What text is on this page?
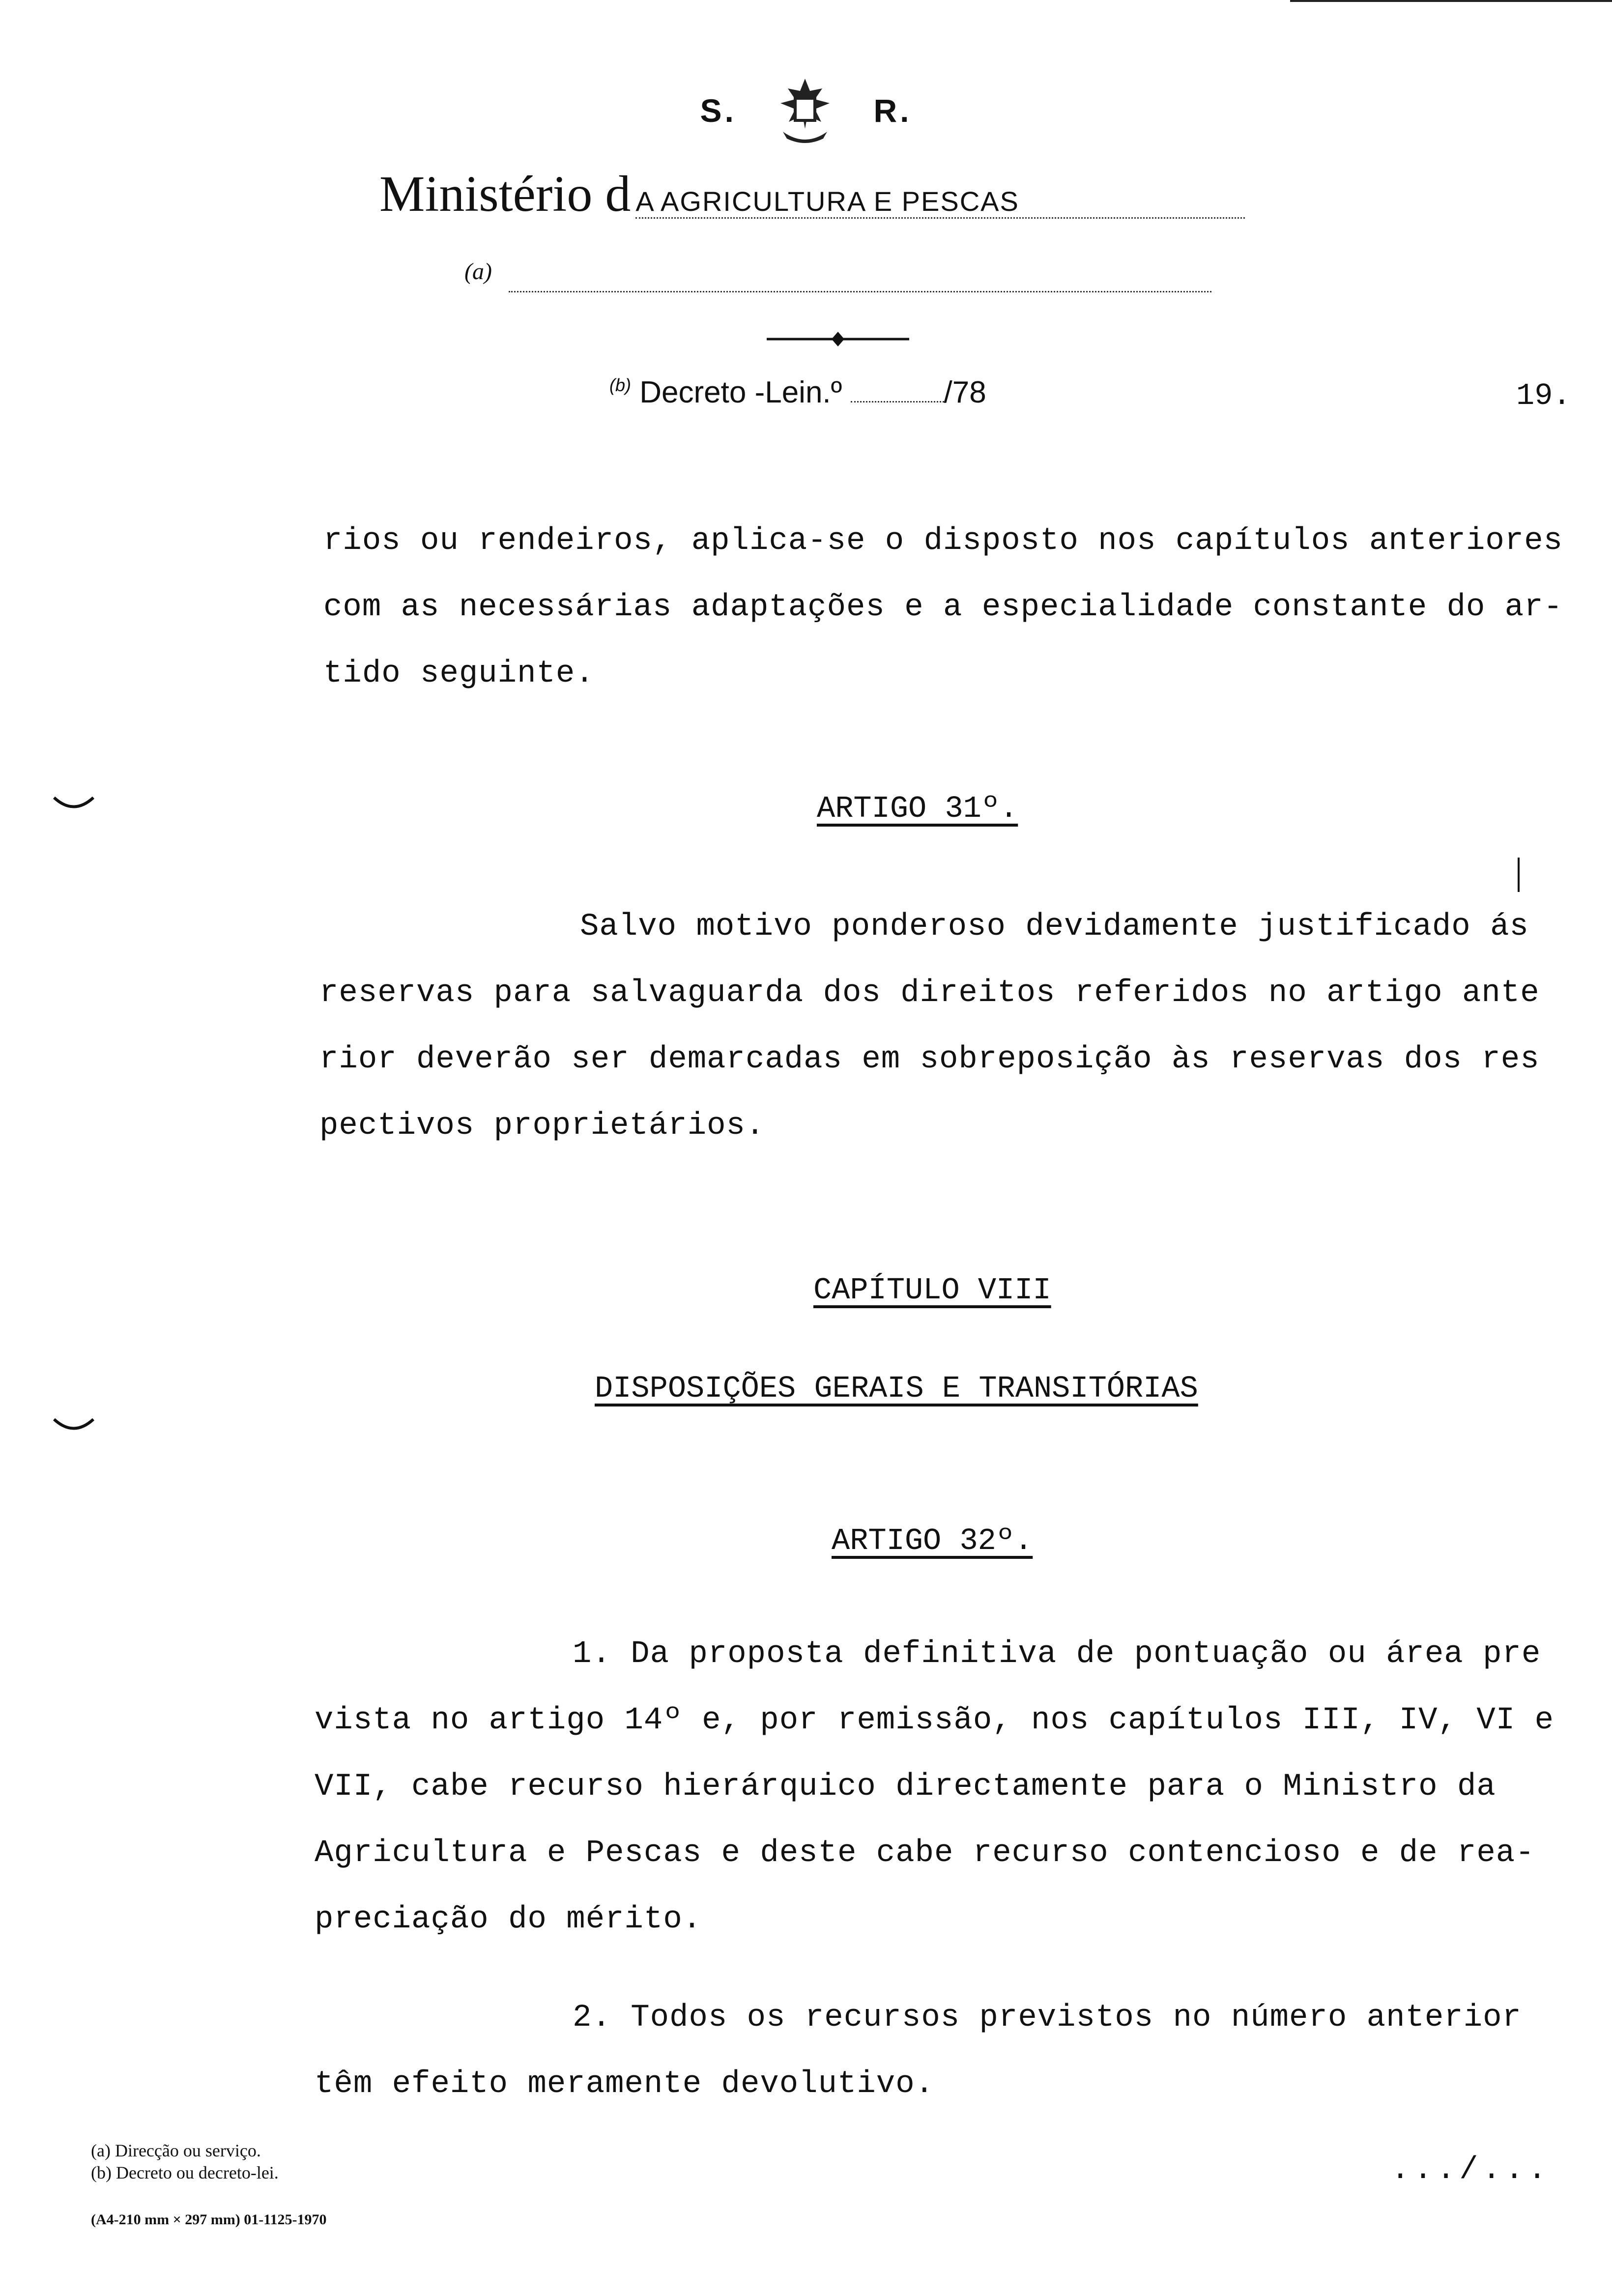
S.	R.
Ministério d A AGRICULTURA E PESCAS
(a)
$^{(b)}$ Decreto -Lein.º	/78	19.
rios ou rendeiros, aplica-se o disposto nos capítulos anteriores
com as necessárias adaptações e a especialidade constante do ar-
tido seguinte.
ARTIGO 31º.
Salvo motivo ponderoso devidamente justificado ás
reservas para salvaguarda dos direitos referidos no artigo ante
rior deverão ser demarcadas em sobreposição às reservas dos res
pectivos proprietários.
CAPÍTULO VIII
DISPOSIÇÕES GERAIS E TRANSITÓRIAS
ARTIGO 32º.
1. Da proposta definitiva de pontuação ou área pre
vista no artigo 14º e, por remissão, nos capítulos III, IV, VI e
VII, cabe recurso hierárquico directamente para o Ministro da
Agricultura e Pescas e deste cabe recurso contencioso e de rea-
preciação do mérito.
2. Todos os recursos previstos no número anterior
têm efeito meramente devolutivo.
(a) Direcção ou serviço.
(b) Decreto ou decreto-lei.
(A4-210 mm × 297 mm) 01-1125-1970
.../...
